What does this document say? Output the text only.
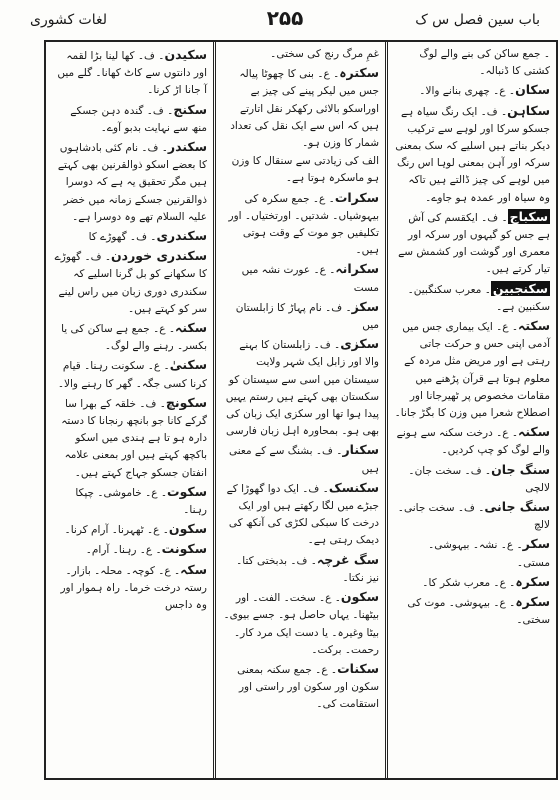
باب سین فصل س ک
۲۵۵
لغات کشوری
۔ جمع ساکن کی بنے والے لوگ کشتی کا ڈنبالہ۔
سکان۔ ع۔ چھری بنانے والا۔
سکاہن۔ ف۔ ایک رنگ سیاہ ہے جسکو سرکا اور لوہے سے ترکیب دیکر بناتے ہیں اسلیے کہ سک بمعنی سرکہ اور آہن بمعنی لوہا اس رنگ میں لوہے کی چیز ڈالتے ہیں تاکہ وہ سیاہ اور عمدہ ہو جاوے۔
سکباج۔ ف۔ ایکقسم کی آش ہے جس کو گیہوں اور سرکہ اور معمری اور گوشت اور کشمش سے تیار کرتے ہیں۔
سکنجبین۔ معرب سکنگبین۔ سکنبین ہے۔
سکتہ۔ ع۔ ایک بیماری جس میں آدمی اپنی حس و حرکت جاتی رہتی ہے اور مریض مثل مردہ کے معلوم ہوتا ہے قرآن پڑھنے میں مقامات مخصوص پر ٹھیرجانا اور اصطلاح شعرا میں وزن کا بگڑ جانا۔
سکنہ۔ ع۔ درخت سکنہ سے ہونے والے لوگ کو چپ کردیں۔
سنگ جان۔ ف۔ سخت جان۔ لالچی
سنگ جانی۔ ف۔ سخت جانی۔ لالچ
سکر۔ ع۔ نشہ۔ بیہوشی۔ مستی۔
سکرہ۔ ع۔ معرب شکر کا۔
سکرہ۔ ع۔ بیہوشی۔ موت کی سختی۔
غمِ مرگ رنج کی سختی۔
سکترہ۔ ع۔ بنی کا چھوٹا پیالہ جس میں لیکر پینے کی چیز بے اوراسکو بالائی رکھکر نقل اتارتے ہیں کہ اس سے ایک نقل کی تعداد شمار کا وزن ہو۔
الف کی زیادتی سے سنقال کا وزن ہو ماسکرہ ہوتا ہے۔
سکرات۔ ع۔ جمع سکرہ کی بیہوشیاں۔ شدتیں۔ اورتختیاں۔ اور تکلیفیں جو موت کے وقت ہوتی ہیں۔
سکرانہ۔ ع۔ عورت نشہ میں مست
سکز۔ ف۔ نام پہاڑ کا زابلستان میں
سکزی۔ ف۔ زابلستان کا بہنے والا اور زابل ایک شہر ولایت سیستان میں اسی سے سیستان کو سکستان بھی کہتے ہیں رستم یہیں پیدا ہوا تھا اور سکزی ایک زبان کی بھی ہو۔ بمحاورہ اہل زبان فارسی
سکنار۔ ف۔ بشنگ سے کے معنی ہیں
سکنسک۔ ف۔ ایک دوا گھوڑا کے جبڑے میں لگا رکھتے ہیں اور ایک درخت کا سبکی لکڑی کی آنکھ کی دیمک رہتی ہے۔
سگ غرچہ۔ ف۔ بدبختی کتا۔ نیز نکتا۔
سکون۔ ع۔ سخت۔ الفت۔ اور بیٹھنا۔ یہاں حاصل ہو۔ جسے بیوی۔ بیٹا وغیرہ۔ یا دست ایک مرد کار۔ رحمت۔ برکت۔
سکنات۔ ع۔ جمع سکنہ بمعنی سکون اور سکون اور راستی اور استقامت کی۔
سکیدن۔ ف۔ کھا لینا بڑا لقمہ اور دانتوں سے کاٹ کھانا۔ گلے میں آ جانا اڑ کرنا۔
سکنج۔ ف۔ گندہ دہن جسکے منھ سے نہایت بدبو آوے۔
سکندر۔ ف۔ نام کئی بادشاہوں کا بعضے اسکو ذوالقرنین بھی کہتے ہیں مگر تحقیق یہ ہے کہ دوسرا ذوالقرنین جسکے زمانہ میں خضر علیہ السلام تھے وہ دوسرا ہے۔
سکندری۔ ف۔ گھوڑے کا
سکندری خوردن۔ ف۔ گھوڑے کا سکھانے کو بل گرنا اسلیے کہ سکندری دوری زبان میں راس لینے سر کو کہتے ہیں۔
سکنہ۔ ع۔ جمع ہے ساکن کی یا بکسر۔ رہنے والے لوگ۔
سکنیٰ۔ ع۔ سکونت رہنا۔ قیام کرنا کسی جگہ۔ گھر کا رہنے والا۔
سکونچ۔ ف۔ خلقہ کے بھرا سا گرکے کانا جو بانچھ رنجانا کا دستہ دارہ ہو تا ہے ہندی میں اسکو باکچھ کہتے ہیں اور بمعنی علامہ انفتان جسکو جہاج کہتے ہیں۔
سکوت۔ ع۔ خاموشی۔ چپکا رہنا۔
سکون۔ ع۔ ٹھہرنا۔ آرام کرنا۔
سکونت۔ ع۔ رہنا۔ آرام۔
سکہ۔ ع۔ کوچہ۔ محلہ۔ بازار۔ رستہ درخت خرما۔ راہ ہموار اور وہ داجس
